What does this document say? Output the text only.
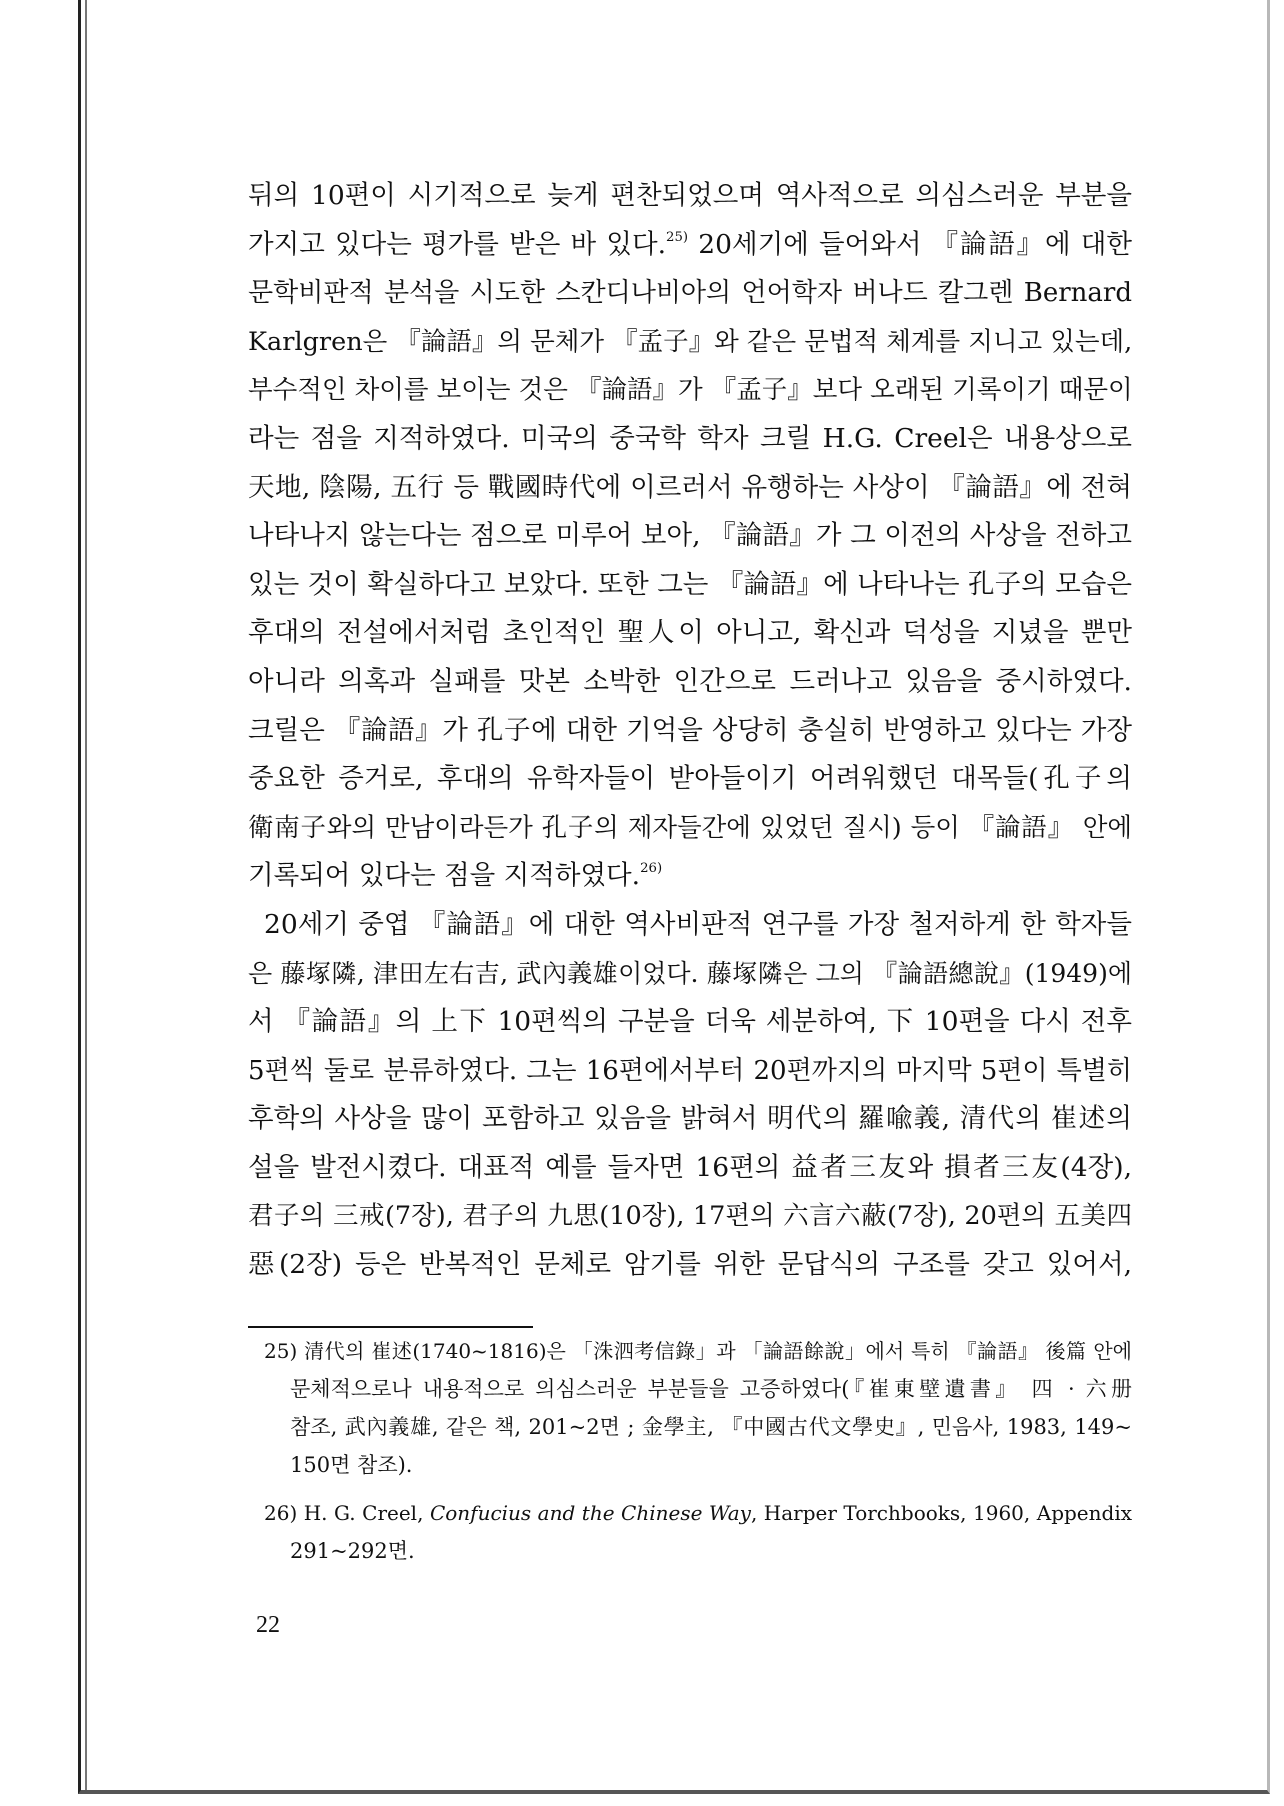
뒤의 10편이 시기적으로 늦게 편찬되었으며 역사적으로 의심스러운 부분을
가지고 있다는 평가를 받은 바 있다.$^{25)}$ 20세기에 들어와서 『論語』에 대한
문학비판적 분석을 시도한 스칸디나비아의 언어학자 버나드 칼그렌 Bernard
Karlgren은 『論語』의 문체가 『孟子』와 같은 문법적 체계를 지니고 있는데,
부수적인 차이를 보이는 것은 『論語』가 『孟子』보다 오래된 기록이기 때문이
라는 점을 지적하였다. 미국의 중국학 학자 크릴 H.G. Creel은 내용상으로
天地, 陰陽, 五行 등 戰國時代에 이르러서 유행하는 사상이 『論語』에 전혀
나타나지 않는다는 점으로 미루어 보아, 『論語』가 그 이전의 사상을 전하고
있는 것이 확실하다고 보았다. 또한 그는 『論語』에 나타나는 孔子의 모습은
후대의 전설에서처럼 초인적인 聖人이 아니고, 확신과 덕성을 지녔을 뿐만
아니라 의혹과 실패를 맛본 소박한 인간으로 드러나고 있음을 중시하였다.
크릴은 『論語』가 孔子에 대한 기억을 상당히 충실히 반영하고 있다는 가장
중요한 증거로, 후대의 유학자들이 받아들이기 어려워했던 대목들(孔子의
衛南子와의 만남이라든가 孔子의 제자들간에 있었던 질시) 등이 『論語』 안에
기록되어 있다는 점을 지적하였다.$^{26)}$
20세기 중엽 『論語』에 대한 역사비판적 연구를 가장 철저하게 한 학자들
은 藤塚隣, 津田左右吉, 武內義雄이었다. 藤塚隣은 그의 『論語總說』(1949)에
서 『論語』의 上下 10편씩의 구분을 더욱 세분하여, 下 10편을 다시 전후
5편씩 둘로 분류하였다. 그는 16편에서부터 20편까지의 마지막 5편이 특별히
후학의 사상을 많이 포함하고 있음을 밝혀서 明代의 羅喩義, 清代의 崔述의
설을 발전시켰다. 대표적 예를 들자면 16편의 益者三友와 損者三友(4장),
君子의 三戒(7장), 君子의 九思(10장), 17편의 六言六蔽(7장), 20편의 五美四
惡(2장) 등은 반복적인 문체로 암기를 위한 문답식의 구조를 갖고 있어서,
25) 清代의 崔述(1740~1816)은 「洙泗考信錄」과 「論語餘說」에서 특히 『論語』 後篇 안에
문체적으로나 내용적으로 의심스러운 부분들을 고증하였다(『崔東壁遺書』 四 · 六册
참조, 武內義雄, 같은 책, 201~2면 ; 金學主, 『中國古代文學史』, 민음사, 1983, 149~
150면 참조).
26) H. G. Creel, Confucius and the Chinese Way, Harper Torchbooks, 1960, Appendix
291~292면.
22
